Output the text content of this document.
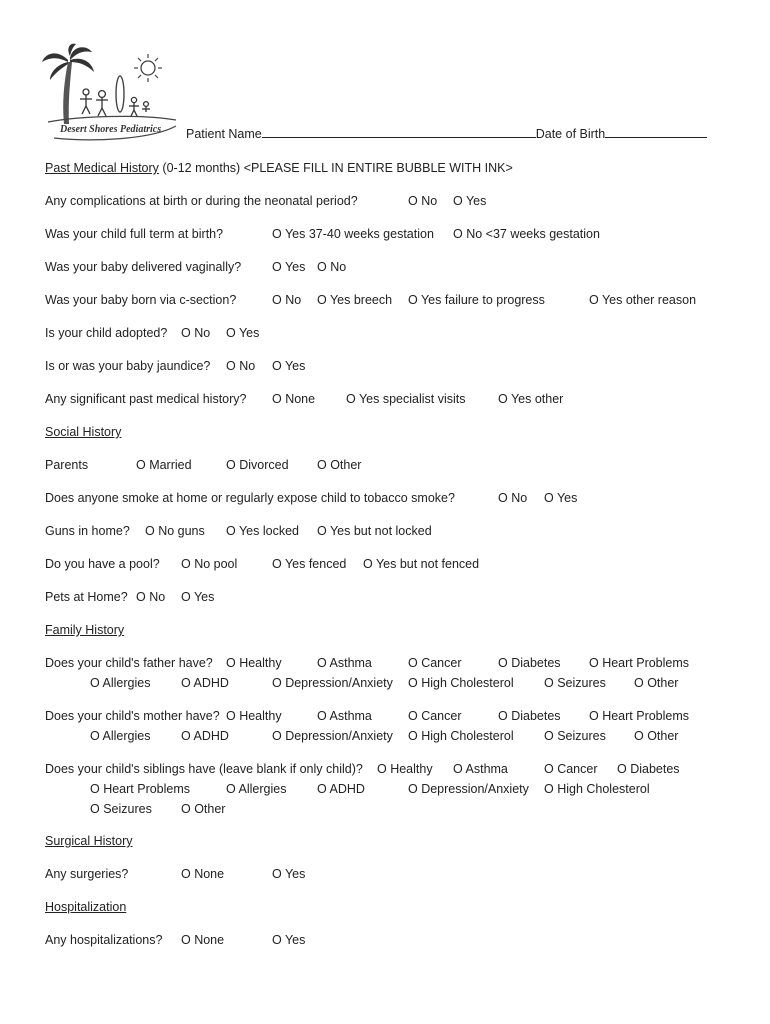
Desert Shores Pediatrics Patient Name	Date of Birth
Past Medical History (0-12 months) <PLEASE FILL IN ENTIRE BUBBLE WITH INK>
Any complications at birth or during the neonatal period?	O No O Yes
Was your child full term at birth?	O Yes 37-40 weeks gestation O No <37 weeks gestation
Was your baby delivered vaginally? O Yes O No
Was your baby born via c-section?	O No O Yes breech O Yes failure to progress	O Yes other reason
Is your child adopted? O No O Yes
Is or was your baby jaundice? O No O Yes
Any significant past medical history? O None O Yes specialist visits	O Yes other
Social History
Parents	O Married	O Divorced O Other
Does anyone smoke at home or regularly expose child to tobacco smoke?	O No O Yes
Guns in home? O No guns O Yes locked O Yes but not locked
Do you have a pool? O No pool	O Yes fenced O Yes but not fenced
Pets at Home? O No O Yes
Family History
Does your child's father have? O Healthy	O Asthma	O Cancer	O Diabetes O Heart Problems
O Allergies O ADHD	O Depression/Anxiety O High Cholesterol O Seizures O Other
Does your child's mother have? O Healthy	O Asthma	O Cancer	O Diabetes O Heart Problems
O Allergies O ADHD	O Depression/Anxiety O High Cholesterol O Seizures O Other
Does your child's siblings have (leave blank if only child)? O Healthy O Asthma	O Cancer O Diabetes
O Heart Problems	O Allergies O ADHD	O Depression/Anxiety O High Cholesterol
O Seizures O Other
Surgical History
Any surgeries?	O None	O Yes
Hospitalization
Any hospitalizations? O None	O Yes
